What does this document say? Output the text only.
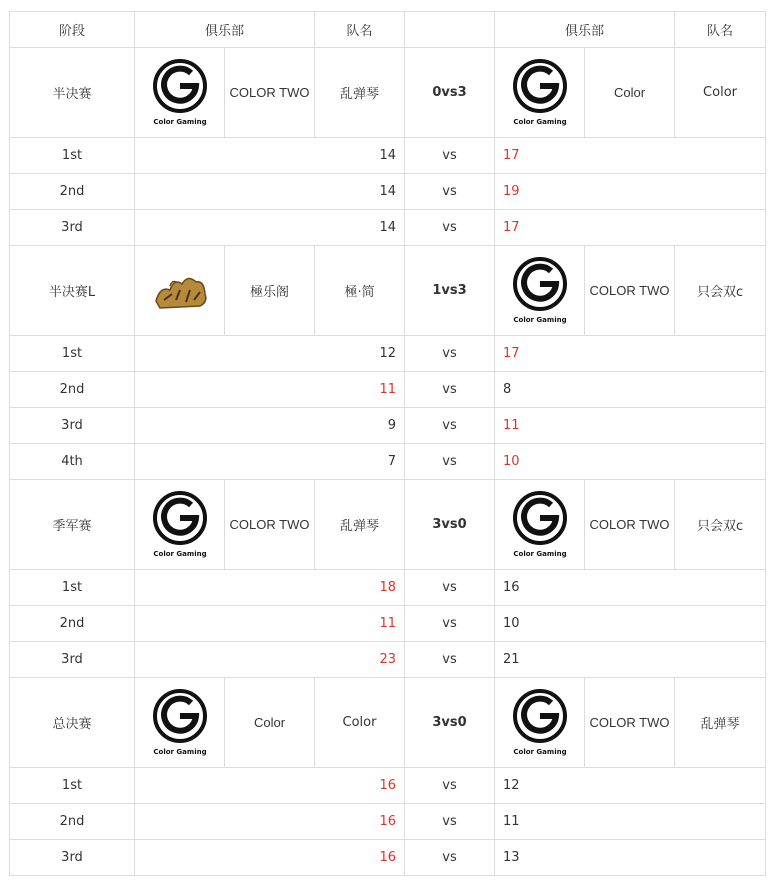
阶段	俱乐部		队名		俱乐部		队名
半决赛	Color Gaming	COLOR TWO	乱弹琴	0vs3	Color Gaming	Color	Color
1st	14			vs	17		
2nd	14			vs	19		
3rd	14			vs	17		
半决赛L		極乐阁	極·简	1vs3	Color Gaming	COLOR TWO	只会双c
1st	12			vs	17		
2nd	11			vs	8		
3rd	9			vs	11		
4th	7			vs	10		
季军赛	Color Gaming	COLOR TWO	乱弹琴	3vs0	Color Gaming	COLOR TWO	只会双c
1st	18			vs	16		
2nd	11			vs	10		
3rd	23			vs	21		
总决赛	Color Gaming	Color	Color	3vs0	Color Gaming	COLOR TWO	乱弹琴
1st	16			vs	12		
2nd	16			vs	11		
3rd	16			vs	13		
